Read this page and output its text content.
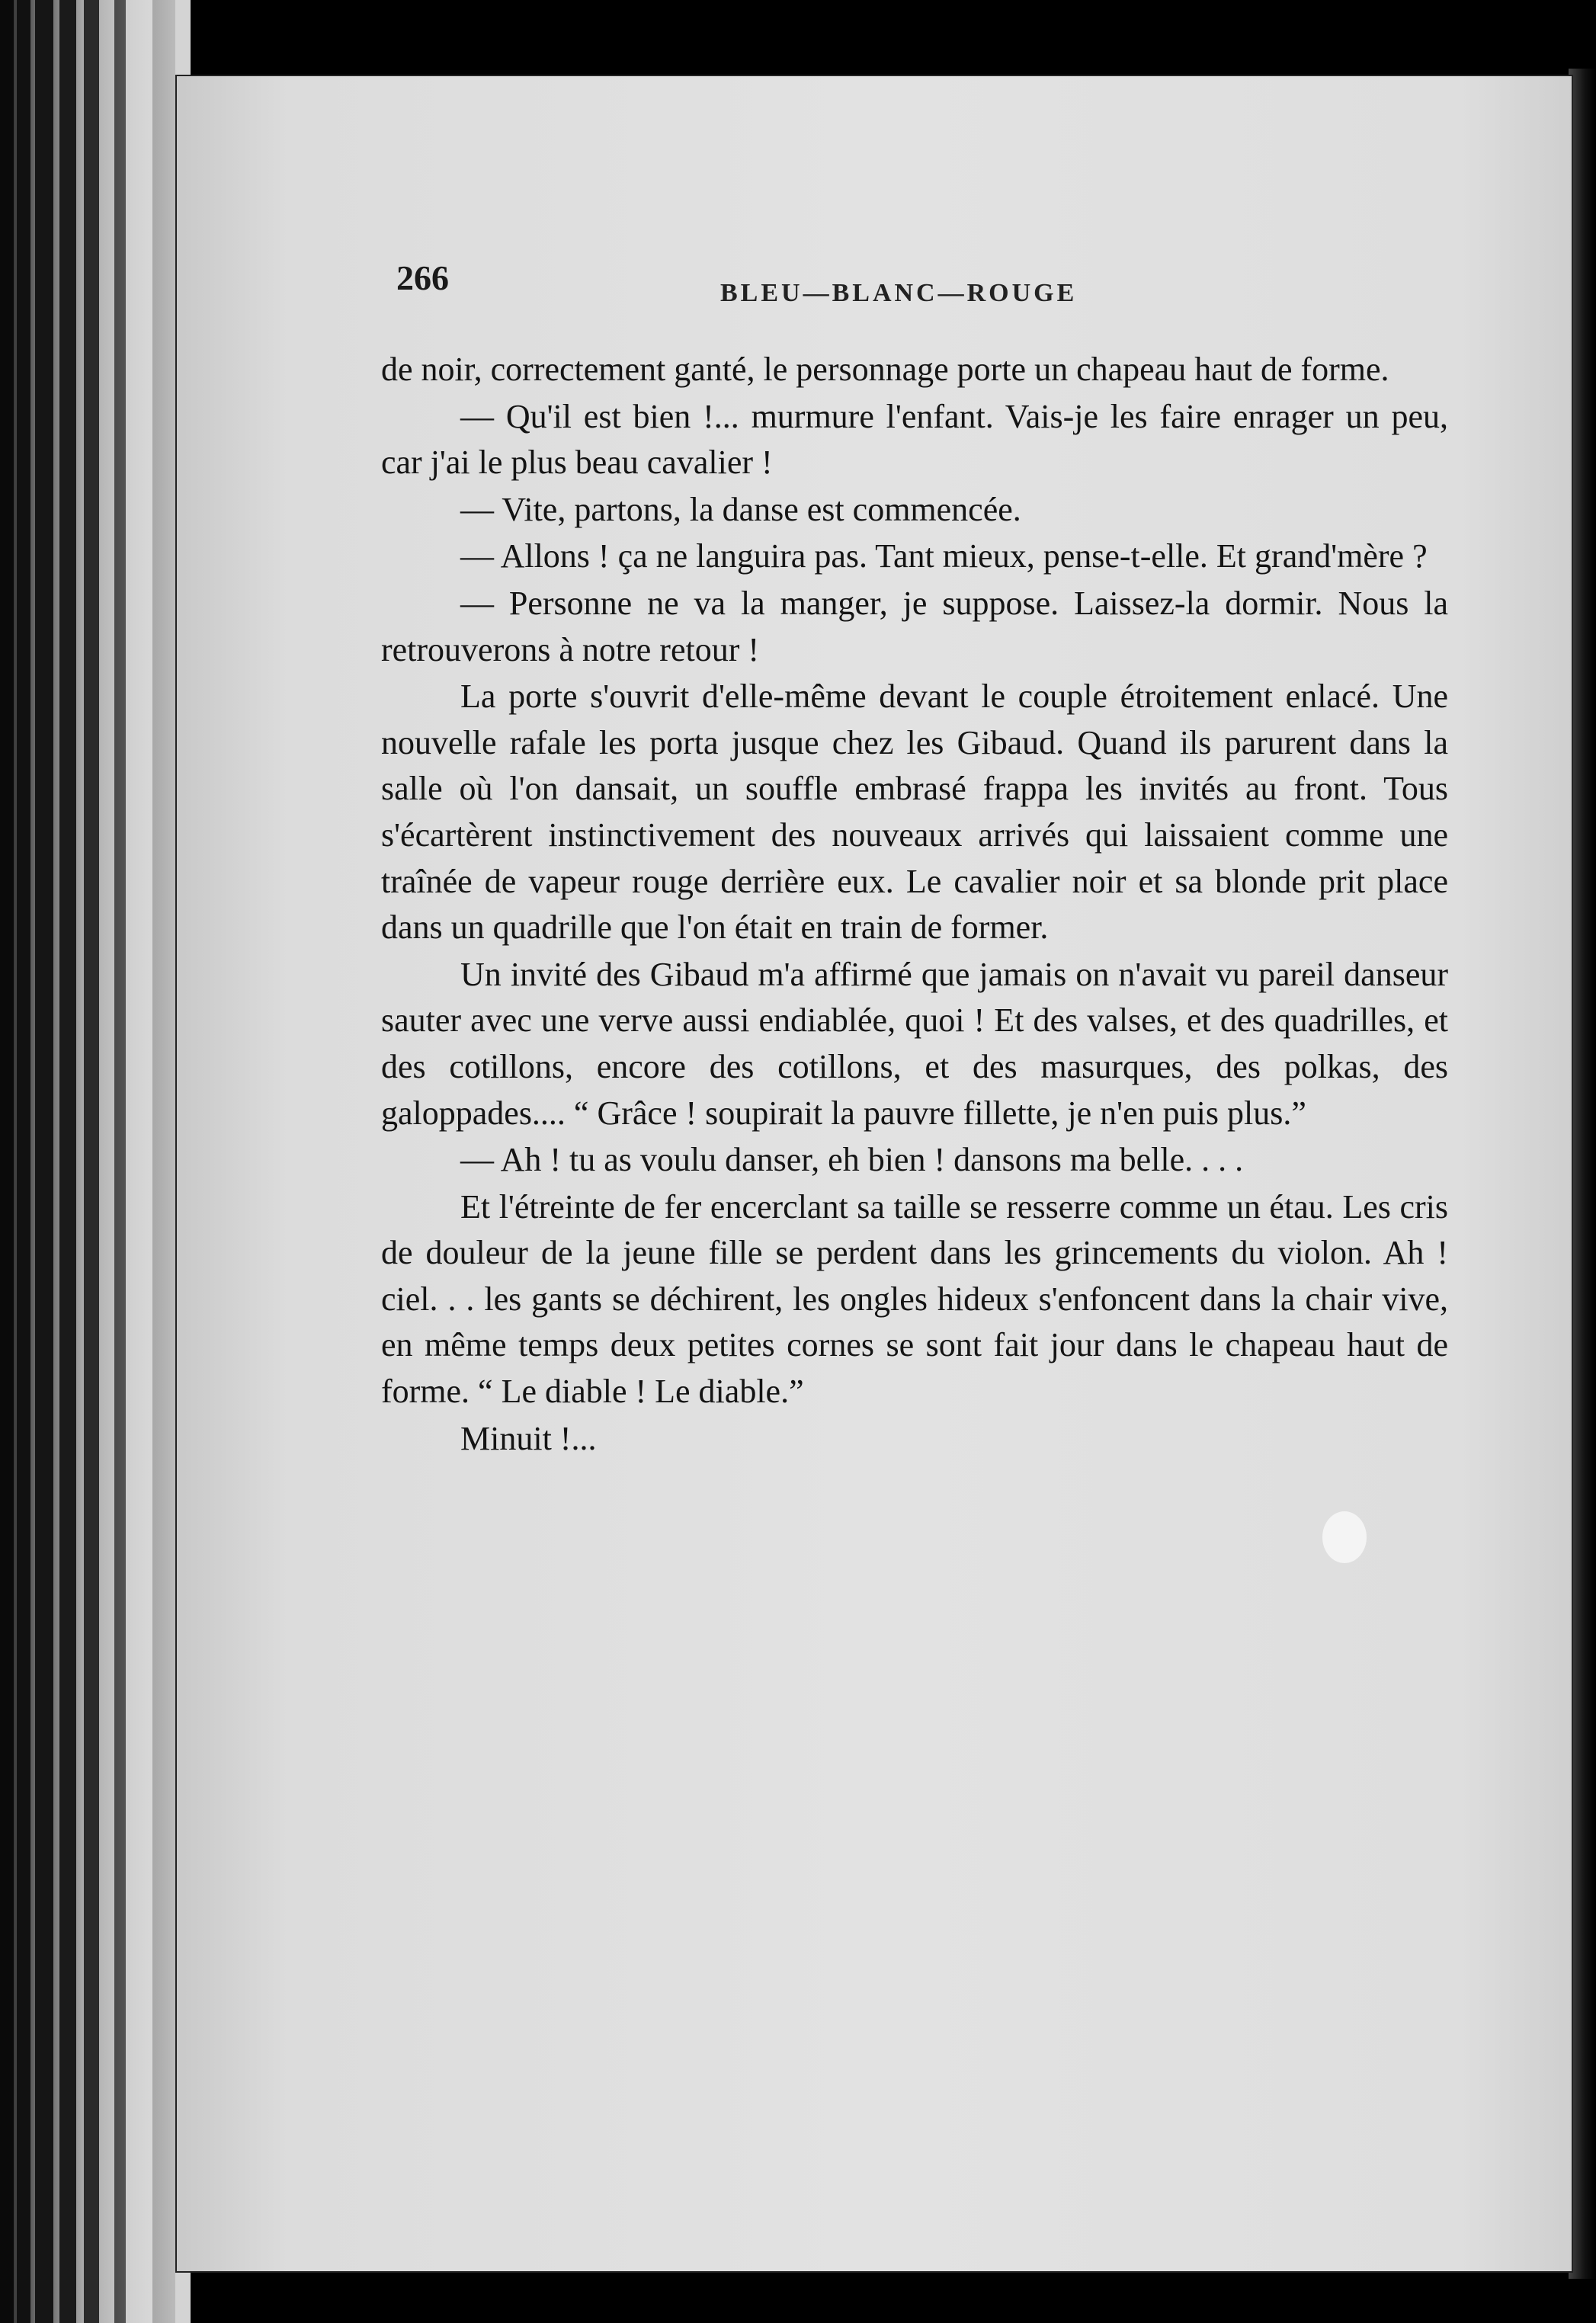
266	BLEU—BLANC—ROUGE

de noir, correctement ganté, le personnage porte un chapeau haut de forme.

— Qu'il est bien !... murmure l'enfant. Vais-je les faire enrager un peu, car j'ai le plus beau cavalier !

— Vite, partons, la danse est commencée.

— Allons ! ça ne languira pas. Tant mieux, pense-t-elle. Et grand'mère ?

— Personne ne va la manger, je suppose. Laissez-la dormir. Nous la retrouverons à notre retour !

La porte s'ouvrit d'elle-même devant le couple étroitement enlacé. Une nouvelle rafale les porta jusque chez les Gibaud. Quand ils parurent dans la salle où l'on dansait, un souffle embrasé frappa les invités au front. Tous s'écartèrent instinctivement des nouveaux arrivés qui laissaient comme une traînée de vapeur rouge derrière eux. Le cavalier noir et sa blonde prit place dans un quadrille que l'on était en train de former.

Un invité des Gibaud m'a affirmé que jamais on n'avait vu pareil danseur sauter avec une verve aussi endiablée, quoi ! Et des valses, et des quadrilles, et des cotillons, encore des cotillons, et des masurques, des polkas, des galoppades.... “ Grâce ! soupirait la pauvre fillette, je n'en puis plus.”

— Ah ! tu as voulu danser, eh bien ! dansons ma belle. . . .

Et l'étreinte de fer encerclant sa taille se resserre comme un étau. Les cris de douleur de la jeune fille se perdent dans les grincements du violon. Ah ! ciel. . . les gants se déchirent, les ongles hideux s'enfoncent dans la chair vive, en même temps deux petites cornes se sont fait jour dans le chapeau haut de forme. “ Le diable ! Le diable.”

Minuit !...
